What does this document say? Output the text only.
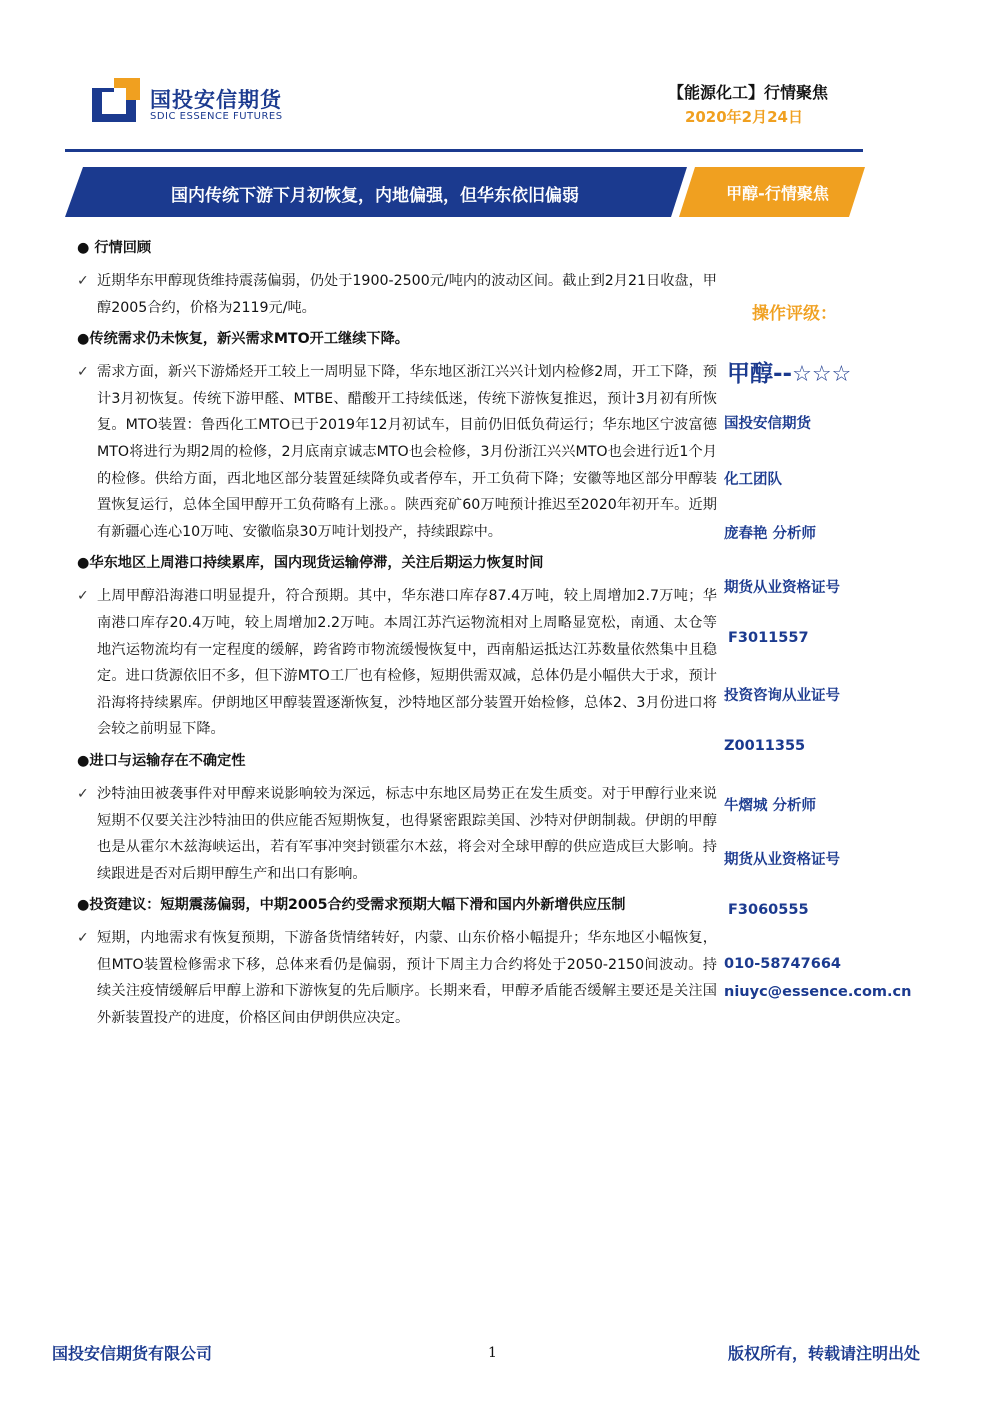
国投安信期货
SDIC ESSENCE FUTURES
【能源化工】行情聚焦
2020年2月24日
国内传统下游下月初恢复，内地偏强，但华东依旧偏弱	甲醇-行情聚焦
● 行情回顾
✓ 近期华东甲醇现货维持震荡偏弱，仍处于1900-2500元/吨内的波动区间。截止到2月21日收盘，甲醇2005合约，价格为2119元/吨。
●传统需求仍未恢复，新兴需求MTO开工继续下降。
✓ 需求方面，新兴下游烯烃开工较上一周明显下降，华东地区浙江兴兴计划内检修2周，开工下降，预计3月初恢复。传统下游甲醛、MTBE、醋酸开工持续低迷，传统下游恢复推迟，预计3月初有所恢复。MTO装置：鲁西化工MTO已于2019年12月初试车，目前仍旧低负荷运行；华东地区宁波富德MTO将进行为期2周的检修，2月底南京诚志MTO也会检修，3月份浙江兴兴MTO也会进行近1个月的检修。供给方面，西北地区部分装置延续降负或者停车，开工负荷下降；安徽等地区部分甲醇装置恢复运行，总体全国甲醇开工负荷略有上涨。。陕西兖矿60万吨预计推迟至2020年初开车。近期有新疆心连心10万吨、安徽临泉30万吨计划投产，持续跟踪中。
●华东地区上周港口持续累库，国内现货运输停滞，关注后期运力恢复时间
✓ 上周甲醇沿海港口明显提升，符合预期。其中，华东港口库存87.4万吨，较上周增加2.7万吨；华南港口库存20.4万吨，较上周增加2.2万吨。本周江苏汽运物流相对上周略显宽松，南通、太仓等地汽运物流均有一定程度的缓解，跨省跨市物流缓慢恢复中，西南船运抵达江苏数量依然集中且稳定。进口货源依旧不多，但下游MTO工厂也有检修，短期供需双减，总体仍是小幅供大于求，预计沿海将持续累库。伊朗地区甲醇装置逐渐恢复，沙特地区部分装置开始检修，总体2、3月份进口将会较之前明显下降。
●进口与运输存在不确定性
✓ 沙特油田被袭事件对甲醇来说影响较为深远，标志中东地区局势正在发生质变。对于甲醇行业来说短期不仅要关注沙特油田的供应能否短期恢复，也得紧密跟踪美国、沙特对伊朗制裁。伊朗的甲醇也是从霍尔木兹海峡运出，若有军事冲突封锁霍尔木兹，将会对全球甲醇的供应造成巨大影响。持续跟进是否对后期甲醇生产和出口有影响。
●投资建议：短期震荡偏弱，中期2005合约受需求预期大幅下滑和国内外新增供应压制
✓ 短期，内地需求有恢复预期，下游备货情绪转好，内蒙、山东价格小幅提升；华东地区小幅恢复，但MTO装置检修需求下移，总体来看仍是偏弱，预计下周主力合约将处于2050-2150间波动。持续关注疫情缓解后甲醇上游和下游恢复的先后顺序。长期来看，甲醇矛盾能否缓解主要还是关注国外新装置投产的进度，价格区间由伊朗供应决定。
操作评级：
甲醇--☆☆☆
国投安信期货
化工团队
庞春艳 分析师
期货从业资格证号
F3011557
投资咨询从业证号
Z0011355
牛熠城 分析师
期货从业资格证号
F3060555
010-58747664
niuyc@essence.com.cn
国投安信期货有限公司	1	版权所有，转载请注明出处
